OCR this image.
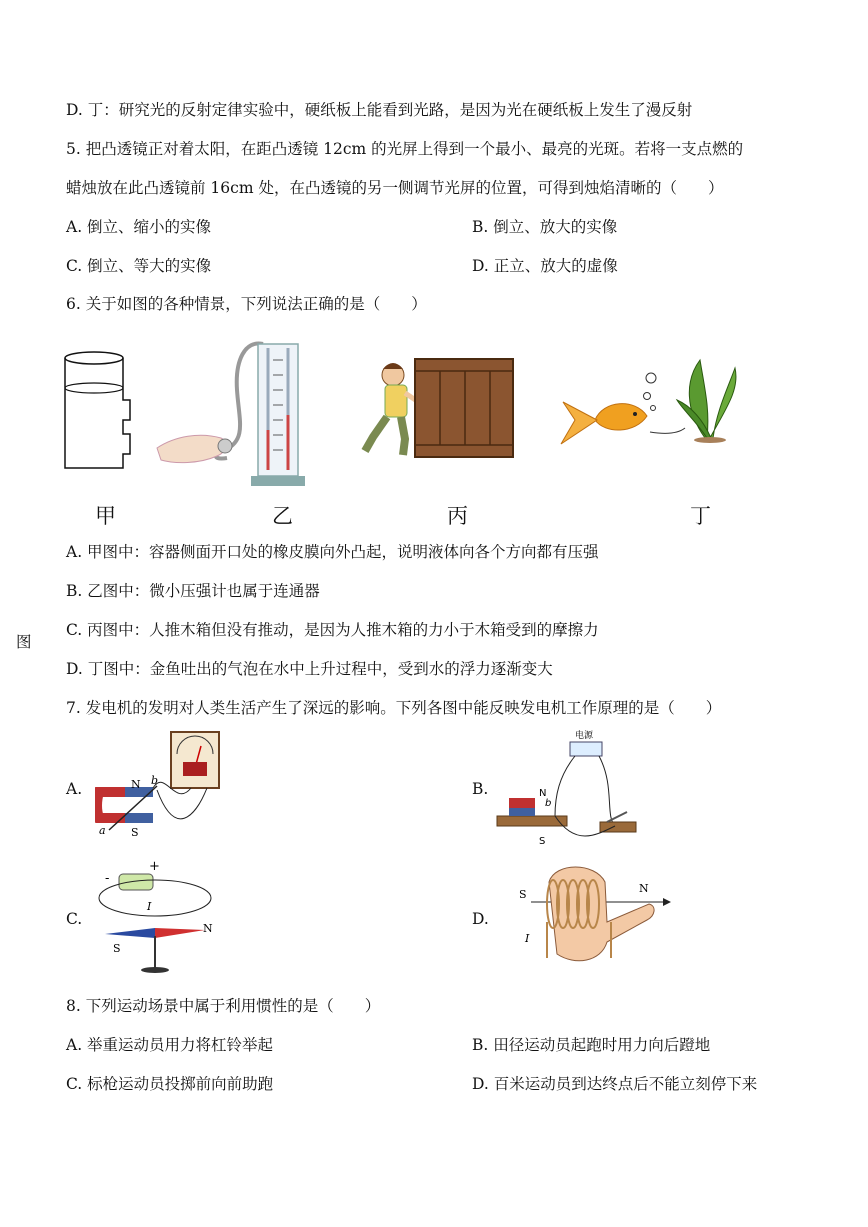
D. 丁：研究光的反射定律实验中，硬纸板上能看到光路，是因为光在硬纸板上发生了漫反射
5. 把凸透镜正对着太阳，在距凸透镜 12cm 的光屏上得到一个最小、最亮的光斑。若将一支点燃的
蜡烛放在此凸透镜前 16cm 处，在凸透镜的另一侧调节光屏的位置，可得到烛焰清晰的（　　）
A. 倒立、缩小的实像	B. 倒立、放大的实像
C. 倒立、等大的实像	D. 正立、放大的虚像
6. 关于如图的各种情景，下列说法正确的是（　　）
甲	乙	丙	丁
A. 甲图中：容器侧面开口处的橡皮膜向外凸起，说明液体向各个方向都有压强
B. 乙图中：微小压强计也属于连通器
图
C. 丙图中：人推木箱但没有推动，是因为人推木箱的力小于木箱受到的摩擦力
D. 丁图中：金鱼吐出的气泡在水中上升过程中，受到水的浮力逐渐变大
7. 发电机的发明对人类生活产生了深远的影响。下列各图中能反映发电机工作原理的是（　　）
A.	B.
C.	D.
N
S
a
b
电源
N
b
S
+
-
I
N
S
S	N
I
8. 下列运动场景中属于利用惯性的是（　　）
A. 举重运动员用力将杠铃举起	B. 田径运动员起跑时用力向后蹬地
C. 标枪运动员投掷前向前助跑	D. 百米运动员到达终点后不能立刻停下来
